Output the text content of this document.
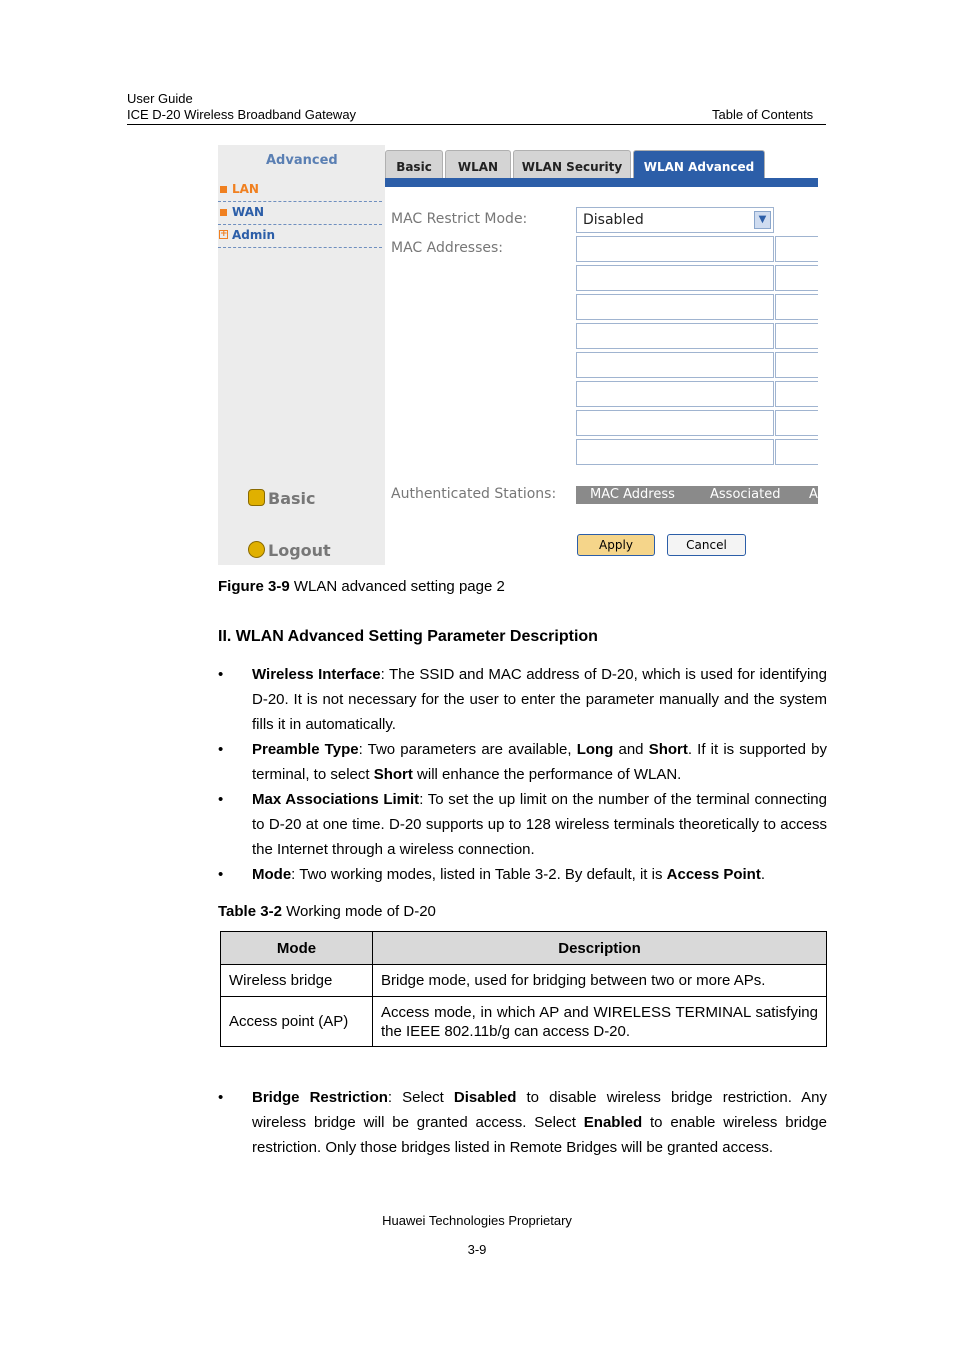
User Guide
ICE D-20 Wireless Broadband Gateway	Table of Contents
Advanced
LAN
WAN
+ Admin
Basic
Logout
Basic	WLAN	WLAN Security	WLAN Advanced
MAC Restrict Mode:	Disabled	▼
MAC Addresses:
Authenticated Stations:	MAC Address	Associated A
Apply	Cancel
Figure 3-9 WLAN advanced setting page 2
II. WLAN Advanced Setting Parameter Description
• Wireless Interface: The SSID and MAC address of D-20, which is used for identifying D-20. It is not necessary for the user to enter the parameter manually and the system fills it in automatically.
• Preamble Type: Two parameters are available, Long and Short. If it is supported by terminal, to select Short will enhance the performance of WLAN.
• Max Associations Limit: To set the up limit on the number of the terminal connecting to D-20 at one time. D-20 supports up to 128 wireless terminals theoretically to access the Internet through a wireless connection.
• Mode: Two working modes, listed in Table 3-2. By default, it is Access Point.
Table 3-2 Working mode of D-20
Mode	Description
Wireless bridge	Bridge mode, used for bridging between two or more APs.
Access point (AP)	Access mode, in which AP and WIRELESS TERMINAL satisfying the IEEE 802.11b/g can access D-20.
• Bridge Restriction: Select Disabled to disable wireless bridge restriction. Any wireless bridge will be granted access. Select Enabled to enable wireless bridge restriction. Only those bridges listed in Remote Bridges will be granted access.
Huawei Technologies Proprietary
3-9
